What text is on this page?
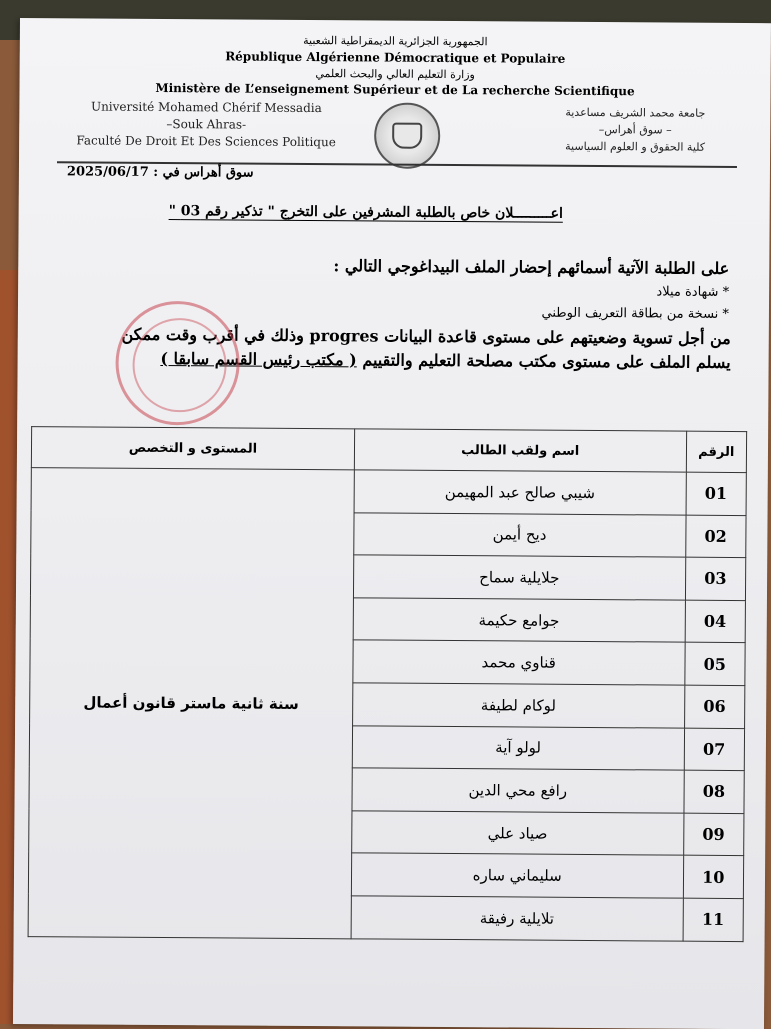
الجمهورية الجزائرية الديمقراطية الشعبية
République Algérienne Démocratique et Populaire
وزارة التعليم العالي والبحث العلمي
Ministère de L’enseignement Supérieur et de La recherche Scientifique
Université Mohamed Chérif Messadia
–Souk Ahras-
Faculté De Droit Et Des Sciences Politique
جامعة محمد الشريف مساعدية
– سوق أهراس–
كلية الحقوق و العلوم السياسية
سوق أهراس في : 2025/06/17
اعـــــــــلان خاص بالطلبة المشرفين على التخرج " تذكير رقم 03 "
على الطلبة الآتية أسمائهم إحضار الملف البيداغوجي التالي :
* شهادة ميلاد
* نسخة من بطاقة التعريف الوطني
من أجل تسوية وضعيتهم على مستوى قاعدة البيانات progres وذلك في أقرب وقت ممكن
يسلم الملف على مستوى مكتب مصلحة التعليم والتقييم ( مكتب رئيس القسم سابقا )
الرقم	اسم ولقب الطالب	المستوى و التخصص
01	شيبي صالح عبد المهيمن	سنة ثانية ماستر قانون أعمال
02	ديح أيمن	
03	جلايلية سماح	
04	جوامع حكيمة	
05	قناوي محمد	
06	لوكام لطيفة	
07	لولو آية	
08	رافع محي الدين	
09	صياد علي	
10	سليماني ساره	
11	تلايلية رفيقة	
